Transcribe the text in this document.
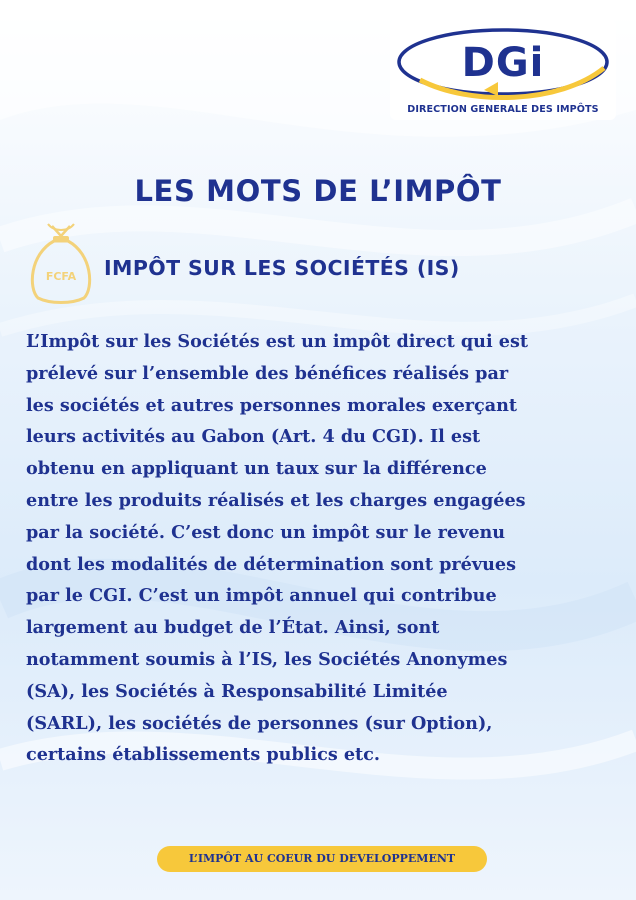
DGi
DIRECTION GENERALE DES IMPÔTS
LES MOTS DE L’IMPÔT
FCFA	IMPÔT SUR LES SOCIÉTÉS (IS)
L’Impôt sur les Sociétés est un impôt direct qui est
prélevé sur l’ensemble des bénéfices réalisés par
les sociétés et autres personnes morales exerçant
leurs activités au Gabon (Art. 4 du CGI). Il est
obtenu en appliquant un taux sur la différence
entre les produits réalisés et les charges engagées
par la société. C’est donc un impôt sur le revenu
dont les modalités de détermination sont prévues
par le CGI. C’est un impôt annuel qui contribue
largement au budget de l’État. Ainsi, sont
notamment soumis à l’IS, les Sociétés Anonymes
(SA), les Sociétés à Responsabilité Limitée
(SARL), les sociétés de personnes (sur Option),
certains établissements publics etc.
L’IMPÔT AU COEUR DU DEVELOPPEMENT
